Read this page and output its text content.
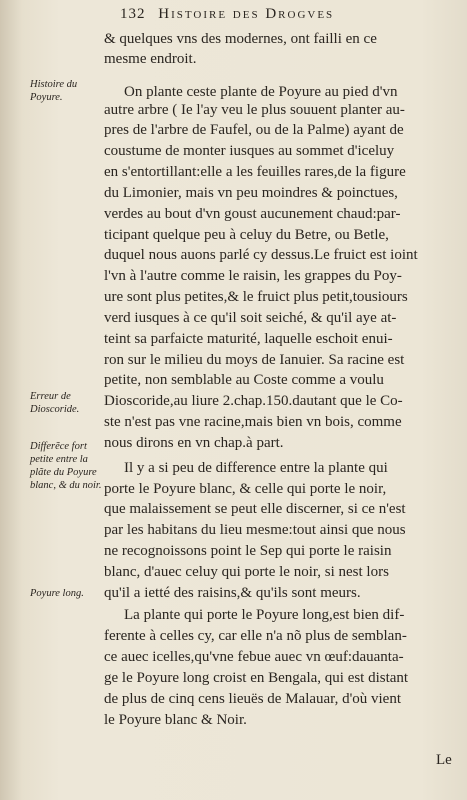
132 Histoire des Drogves
Histoire du Poyure.
Erreur de Dioscoride.
Differẽce fort petite entre la plãte du Poyure blanc, & du noir.
Poyure long.
& quelques vns des modernes, ont failli en ce
mesme endroit.
On plante ceste plante de Poyure au pied d'vn
autre arbre ( Ie l'ay veu le plus souuent planter au-
pres de l'arbre de Faufel, ou de la Palme) ayant de
coustume de monter iusques au sommet d'iceluy
en s'entortillant:elle a les feuilles rares,de la figure
du Limonier, mais vn peu moindres & poinctues,
verdes au bout d'vn goust aucunement chaud:par-
ticipant quelque peu à celuy du Betre, ou Betle,
duquel nous auons parlé cy dessus.Le fruict est ioint
l'vn à l'autre comme le raisin, les grappes du Poy-
ure sont plus petites,& le fruict plus petit,tousiours
verd iusques à ce qu'il soit seiché, & qu'il aye at-
teint sa parfaicte maturité, laquelle eschoit enui-
ron sur le milieu du moys de Ianuier. Sa racine est
petite, non semblable au Coste comme a voulu
Dioscoride,au liure 2.chap.150.dautant que le Co-
ste n'est pas vne racine,mais bien vn bois, comme
nous dirons en vn chap.à part.
Il y a si peu de difference entre la plante qui
porte le Poyure blanc, & celle qui porte le noir,
que malaissement se peut elle discerner, si ce n'est
par les habitans du lieu mesme:tout ainsi que nous
ne recognoissons point le Sep qui porte le raisin
blanc, d'auec celuy qui porte le noir, si nest lors
qu'il a ietté des raisins,& qu'ils sont meurs.
La plante qui porte le Poyure long,est bien dif-
ferente à celles cy, car elle n'a nõ plus de semblan-
ce auec icelles,qu'vne febue auec vn œuf:dauanta-
ge le Poyure long croist en Bengala, qui est distant
de plus de cinq cens lieuës de Malauar, d'où vient
le Poyure blanc & Noir.
Le
